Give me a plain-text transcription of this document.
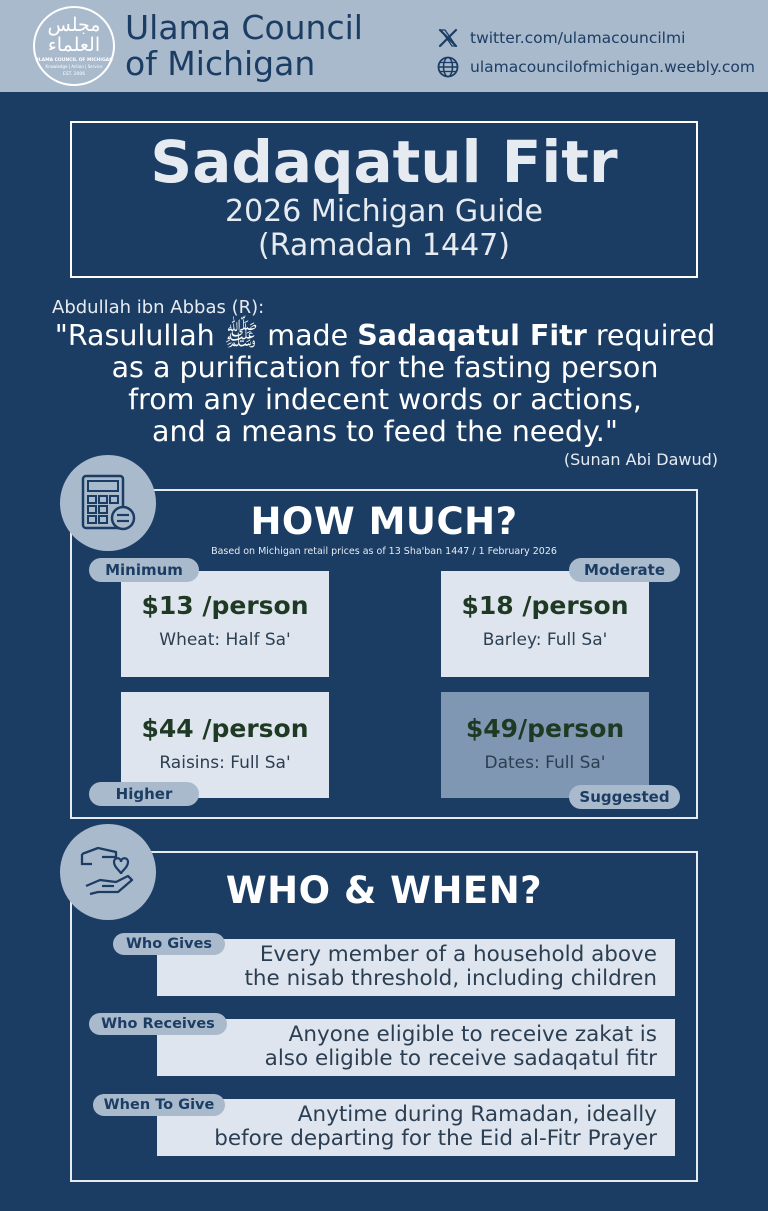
مجلس العلماء
ULAMA COUNCIL OF MICHIGAN
Knowledge | Action | Service
EST. 2006
Ulama Council
of Michigan
twitter.com/ulamacouncilmi
ulamacouncilofmichigan.weebly.com
Sadaqatul Fitr
2026 Michigan Guide
(Ramadan 1447)
Abdullah ibn Abbas (R):
"Rasulullah ﷺ made Sadaqatul Fitr required
as a purification for the fasting person
from any indecent words or actions,
and a means to feed the needy."
(Sunan Abi Dawud)
HOW MUCH?
Based on Michigan retail prices as of 13 Sha'ban 1447 / 1 February 2026
$13 /person
Wheat: Half Sa'
$18 /person
Barley: Full Sa'
$44 /person
Raisins: Full Sa'
$49/person
Dates: Full Sa'
Minimum	Moderate
Higher	Suggested
WHO & WHEN?
Every member of a household above
the nisab threshold, including children
Anyone eligible to receive zakat is
also eligible to receive sadaqatul fitr
Anytime during Ramadan, ideally
before departing for the Eid al-Fitr Prayer
Who Gives
Who Receives
When To Give
